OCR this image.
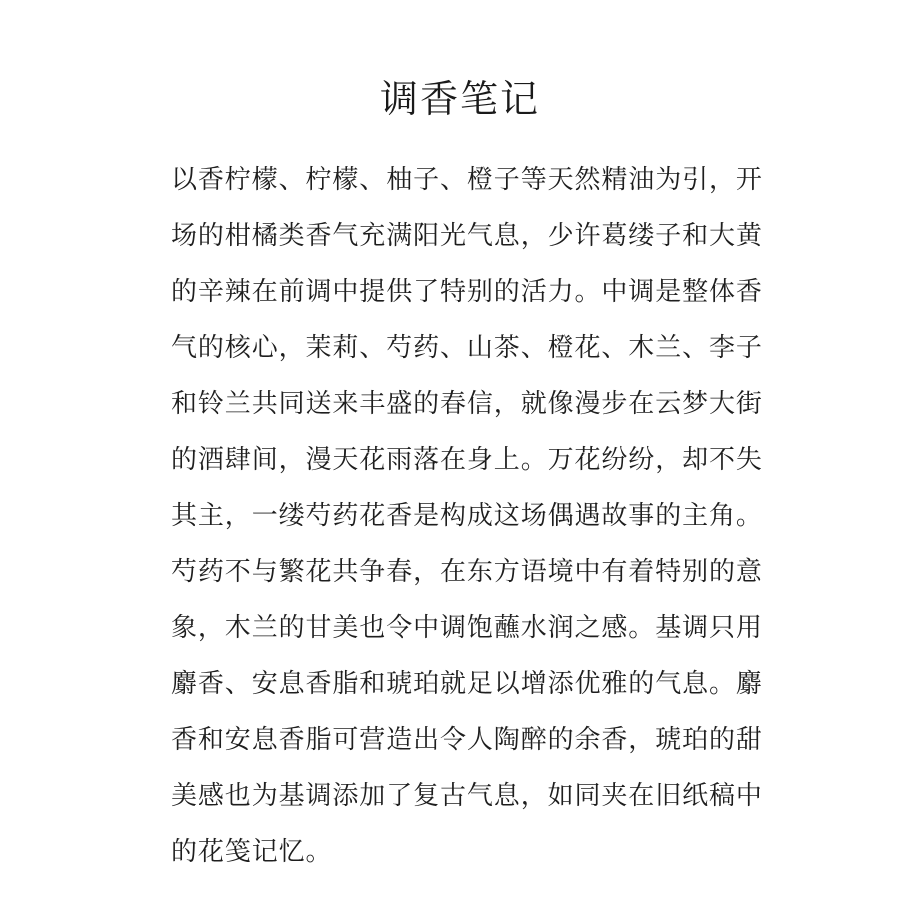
调香笔记
以香柠檬、柠檬、柚子、橙子等天然精油为引，开
场的柑橘类香气充满阳光气息，少许葛缕子和大黄
的辛辣在前调中提供了特别的活力。中调是整体香
气的核心，茉莉、芍药、山茶、橙花、木兰、李子
和铃兰共同送来丰盛的春信，就像漫步在云梦大街
的酒肆间，漫天花雨落在身上。万花纷纷，却不失
其主，一缕芍药花香是构成这场偶遇故事的主角。
芍药不与繁花共争春，在东方语境中有着特别的意
象，木兰的甘美也令中调饱蘸水润之感。基调只用
麝香、安息香脂和琥珀就足以增添优雅的气息。麝
香和安息香脂可营造出令人陶醉的余香，琥珀的甜
美感也为基调添加了复古气息，如同夹在旧纸稿中
的花笺记忆。
